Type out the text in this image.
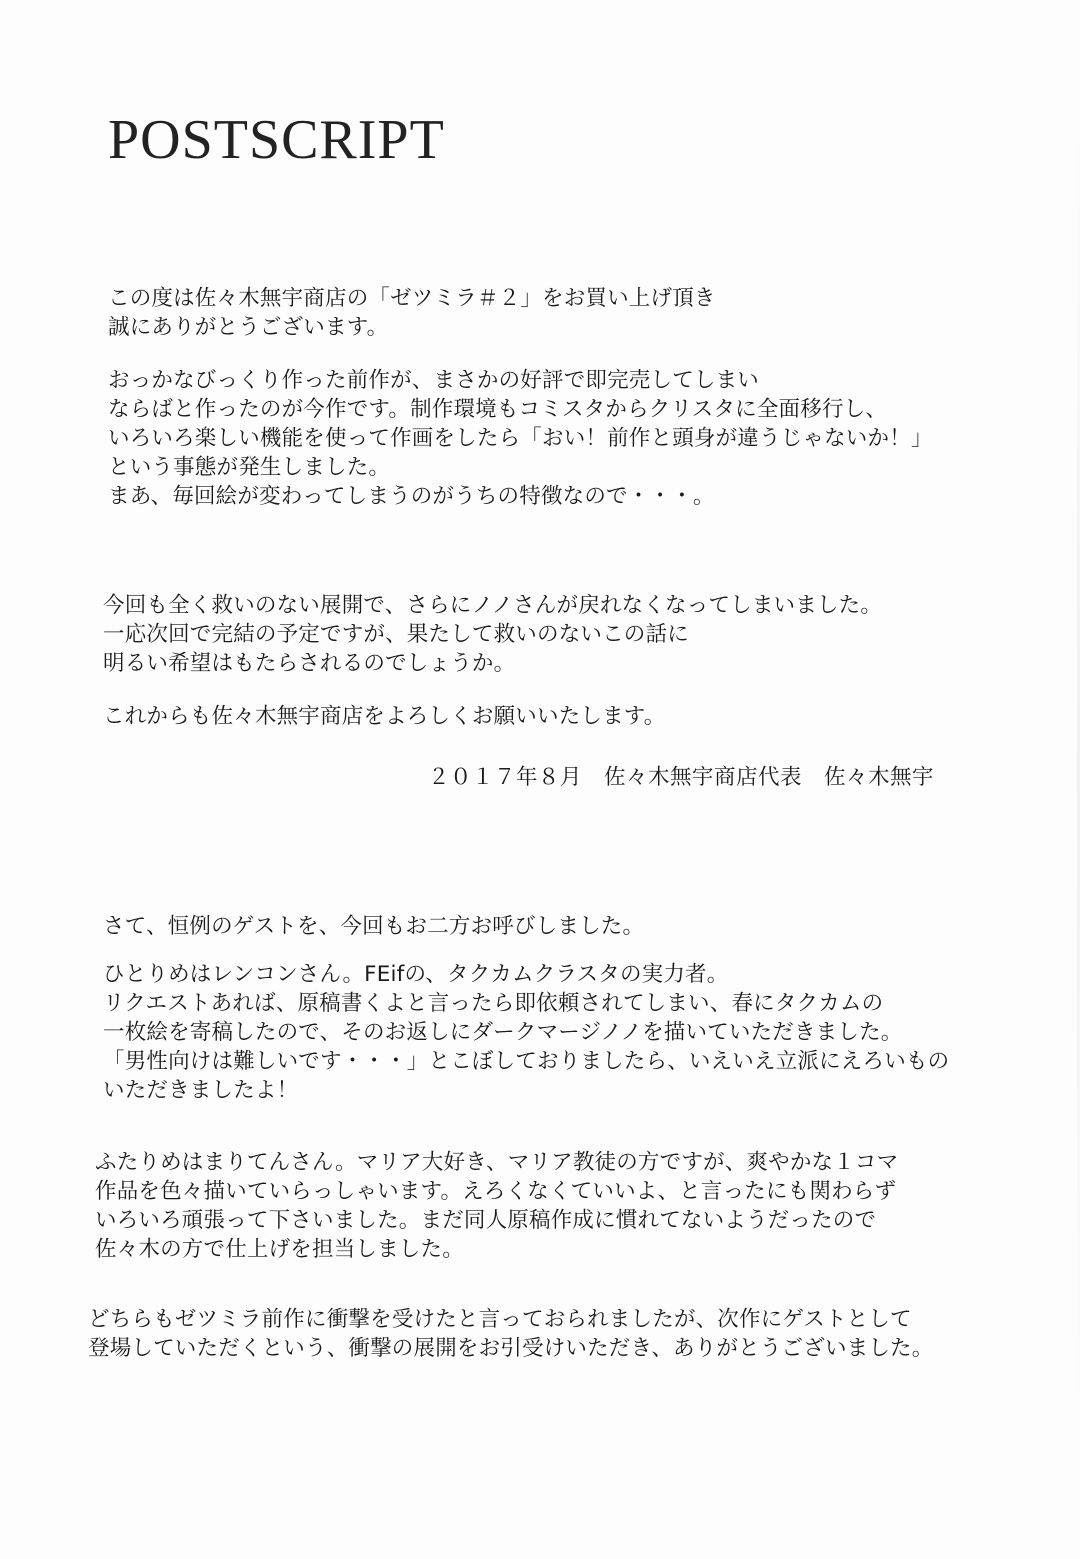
POSTSCRIPT

この度は佐々木無宇商店の「ゼツミラ＃２」をお買い上げ頂き
誠にありがとうございます。

おっかなびっくり作った前作が、まさかの好評で即完売してしまい
ならばと作ったのが今作です。制作環境もコミスタからクリスタに全面移行し、
いろいろ楽しい機能を使って作画をしたら「おい！前作と頭身が違うじゃないか！」
という事態が発生しました。
まあ、毎回絵が変わってしまうのがうちの特徴なので・・・。

今回も全く救いのない展開で、さらにノノさんが戻れなくなってしまいました。
一応次回で完結の予定ですが、果たして救いのないこの話に
明るい希望はもたらされるのでしょうか。

これからも佐々木無宇商店をよろしくお願いいたします。

２０１７年８月　佐々木無宇商店代表　佐々木無宇

さて、恒例のゲストを、今回もお二方お呼びしました。

ひとりめはレンコンさん。FEifの、タクカムクラスタの実力者。
リクエストあれば、原稿書くよと言ったら即依頼されてしまい、春にタクカムの
一枚絵を寄稿したので、そのお返しにダークマージノノを描いていただきました。
「男性向けは難しいです・・・」とこぼしておりましたら、いえいえ立派にえろいもの
いただきましたよ！

ふたりめはまりてんさん。マリア大好き、マリア教徒の方ですが、爽やかな１コマ
作品を色々描いていらっしゃいます。えろくなくていいよ、と言ったにも関わらず
いろいろ頑張って下さいました。まだ同人原稿作成に慣れてないようだったので
佐々木の方で仕上げを担当しました。

どちらもゼツミラ前作に衝撃を受けたと言っておられましたが、次作にゲストとして
登場していただくという、衝撃の展開をお引受けいただき、ありがとうございました。
